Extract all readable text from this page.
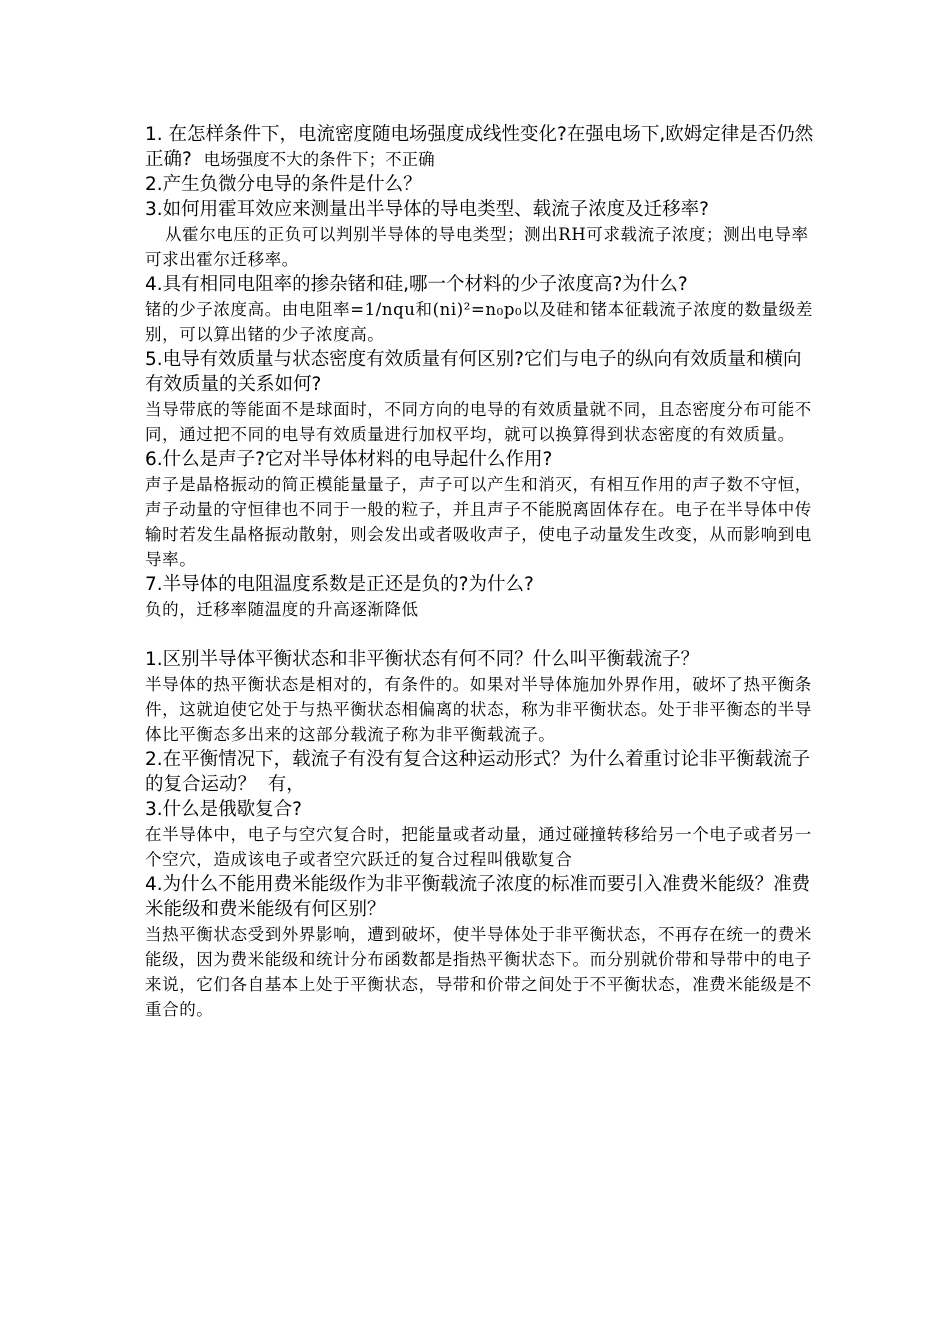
1. 在怎样条件下，电流密度随电场强度成线性变化?在强电场下,欧姆定律是否仍然正确? 电场强度不大的条件下；不正确

2.产生负微分电导的条件是什么？

3.如何用霍耳效应来测量出半导体的导电类型、载流子浓度及迁移率?

从霍尔电压的正负可以判别半导体的导电类型；测出RH可求载流子浓度；测出电导率可求出霍尔迁移率。

4.具有相同电阻率的掺杂锗和硅,哪一个材料的少子浓度高?为什么?

锗的少子浓度高。由电阻率=1/nqu和(ni)²=n₀p₀以及硅和锗本征载流子浓度的数量级差别，可以算出锗的少子浓度高。

5.电导有效质量与状态密度有效质量有何区别?它们与电子的纵向有效质量和横向有效质量的关系如何?

当导带底的等能面不是球面时，不同方向的电导的有效质量就不同，且态密度分布可能不同，通过把不同的电导有效质量进行加权平均，就可以换算得到状态密度的有效质量。

6.什么是声子?它对半导体材料的电导起什么作用?

声子是晶格振动的简正模能量量子，声子可以产生和消灭，有相互作用的声子数不守恒，声子动量的守恒律也不同于一般的粒子，并且声子不能脱离固体存在。电子在半导体中传输时若发生晶格振动散射，则会发出或者吸收声子，使电子动量发生改变，从而影响到电导率。

7.半导体的电阻温度系数是正还是负的?为什么?

负的，迁移率随温度的升高逐渐降低

1.区别半导体平衡状态和非平衡状态有何不同？什么叫平衡载流子？

半导体的热平衡状态是相对的，有条件的。如果对半导体施加外界作用，破坏了热平衡条件，这就迫使它处于与热平衡状态相偏离的状态，称为非平衡状态。处于非平衡态的半导体比平衡态多出来的这部分载流子称为非平衡载流子。

2.在平衡情况下，载流子有没有复合这种运动形式？为什么着重讨论非平衡载流子的复合运动？ 有，

3.什么是俄歇复合?

在半导体中，电子与空穴复合时，把能量或者动量，通过碰撞转移给另一个电子或者另一个空穴，造成该电子或者空穴跃迁的复合过程叫俄歇复合

4.为什么不能用费米能级作为非平衡载流子浓度的标准而要引入准费米能级？准费米能级和费米能级有何区别？

当热平衡状态受到外界影响，遭到破坏，使半导体处于非平衡状态，不再存在统一的费米能级，因为费米能级和统计分布函数都是指热平衡状态下。而分别就价带和导带中的电子来说，它们各自基本上处于平衡状态，导带和价带之间处于不平衡状态，准费米能级是不重合的。
